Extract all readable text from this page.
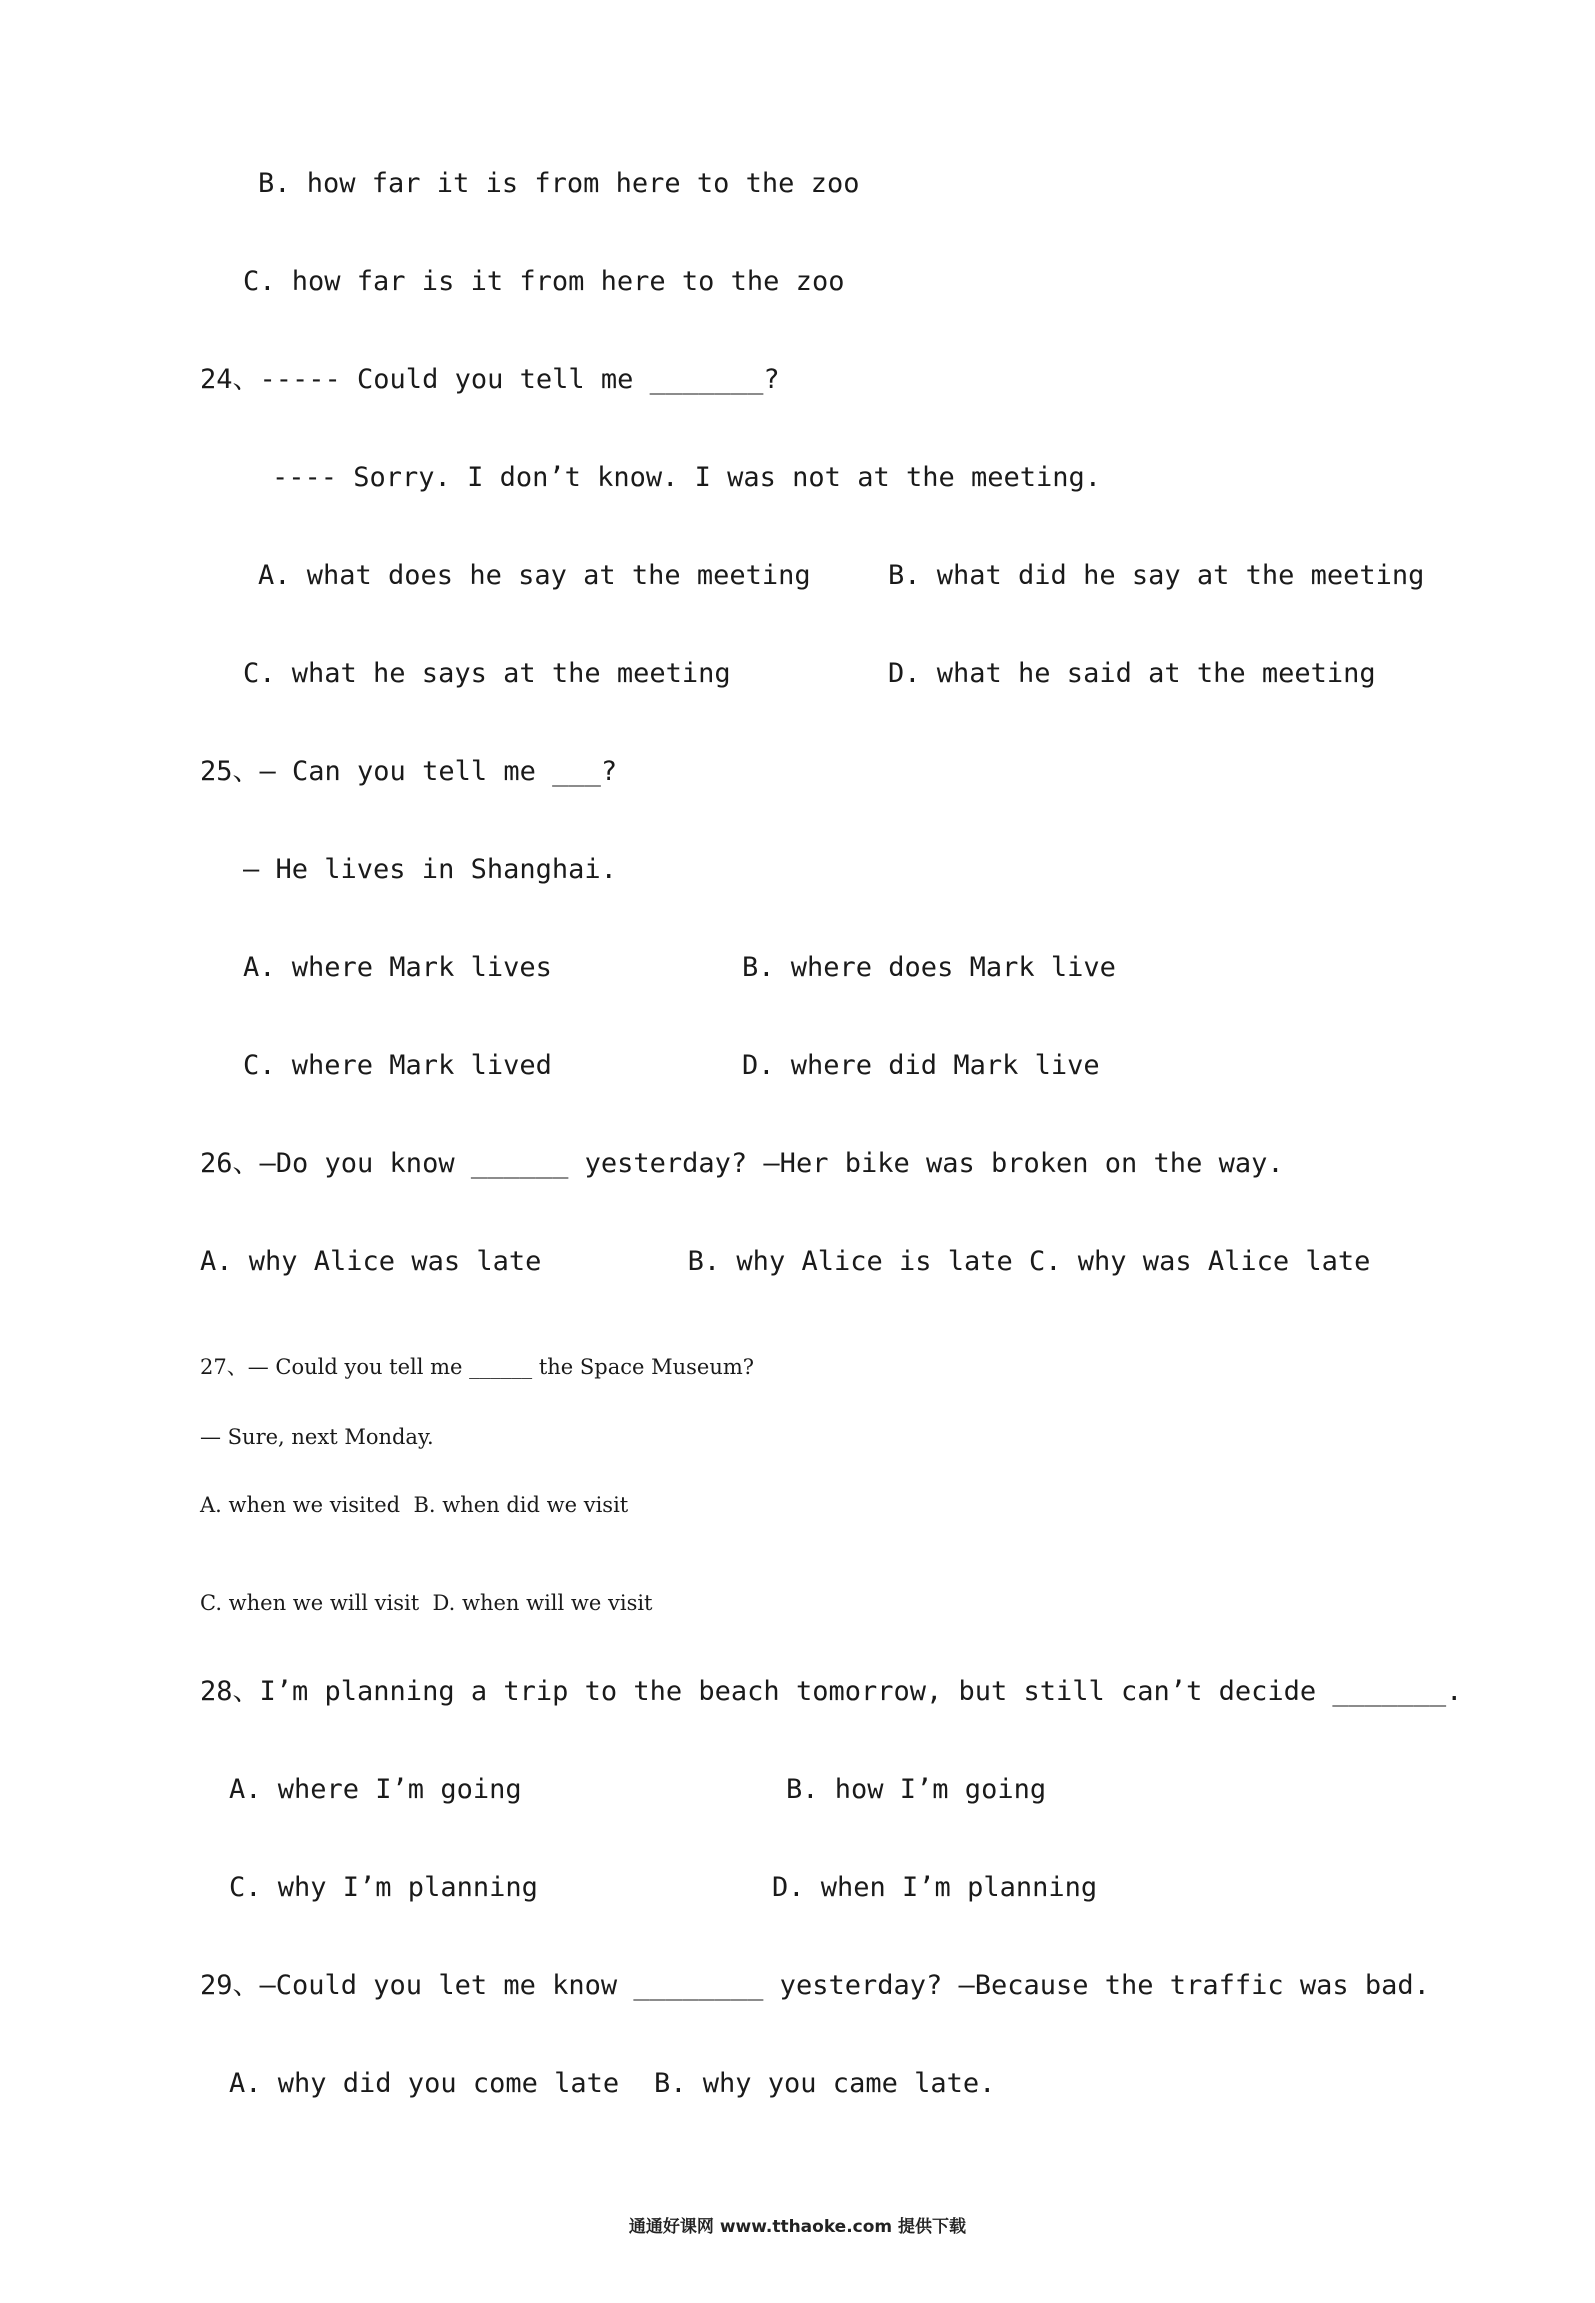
B. how far it is from here to the zoo
C. how far is it from here to the zoo
24、----- Could you tell me _______?
---- Sorry. I don’t know. I was not at the meeting.
A. what does he say at the meeting	B. what did he say at the meeting
C. what he says at the meeting	D. what he said at the meeting
25、– Can you tell me ___?
– He lives in Shanghai.
A. where Mark lives	B. where does Mark live
C. where Mark lived	D. where did Mark live
26、—Do you know ______ yesterday? —Her bike was broken on the way.
A. why Alice was late         B. why Alice is late C. why was Alice late
27、— Could you tell me ______ the Space Museum?
— Sure, next Monday.
A. when we visited  B. when did we visit
C. when we will visit  D. when will we visit
28、I’m planning a trip to the beach tomorrow, but still can’t decide _______.
A. where I’m going	B. how I’m going
C. why I’m planning	D. when I’m planning
29、—Could you let me know ________ yesterday? —Because the traffic was bad.
A. why did you come late B. why you came late.
通通好课网 www.tthaoke.com 提供下载
